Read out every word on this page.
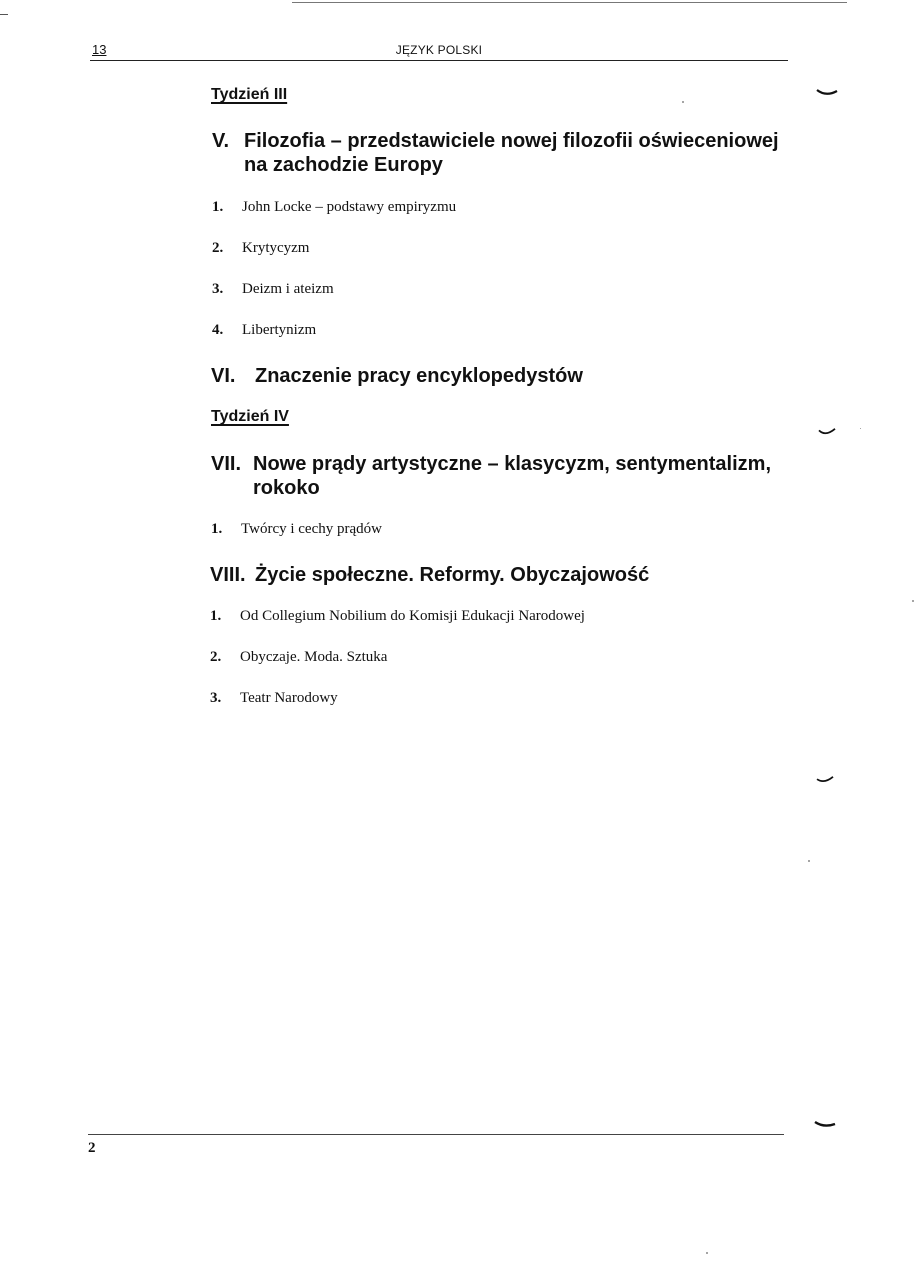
13	JĘZYK POLSKI
Tydzień III
V. Filozofia – przedstawiciele nowej filozofii oświeceniowej
na zachodzie Europy
1.	John Locke – podstawy empiryzmu
2.	Krytycyzm
3.	Deizm i ateizm
4.	Libertynizm
VI. Znaczenie pracy encyklopedystów
Tydzień IV
VII. Nowe prądy artystyczne – klasycyzm, sentymentalizm,
rokoko
1.	Twórcy i cechy prądów
VIII. Życie społeczne. Reformy. Obyczajowość
1.	Od Collegium Nobilium do Komisji Edukacji Narodowej
2.	Obyczaje. Moda. Sztuka
3.	Teatr Narodowy
2
